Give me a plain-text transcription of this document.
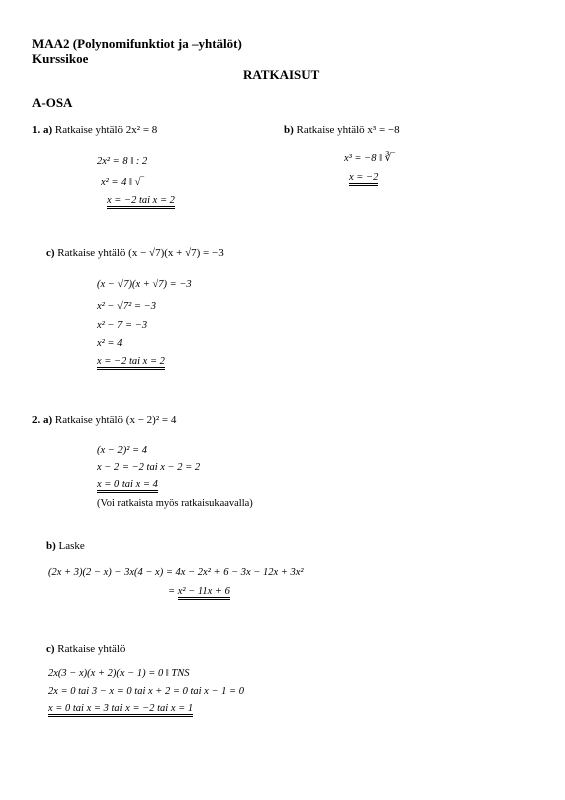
MAA2 (Polynomifunktiot ja –yhtälöt)
Kurssikoe
RATKAISUT
A-OSA
1. a) Ratkaise yhtälö 2x² = 8	b) Ratkaise yhtälö x³ = −8
2x² = 8 ‖ : 2
x² = 4 ‖ √‾
x = −2 tai x = 2
x³ = −8 ‖ ∛‾
x = −2
c) Ratkaise yhtälö (x − √7)(x + √7) = −3
(x − √7)(x + √7) = −3
x² − √7² = −3
x² − 7 = −3
x² = 4
x = −2 tai x = 2
2. a) Ratkaise yhtälö (x − 2)² = 4
(x − 2)² = 4
x − 2 = −2 tai x − 2 = 2
x = 0 tai x = 4
(Voi ratkaista myös ratkaisukaavalla)
b) Laske
(2x + 3)(2 − x) − 3x(4 − x) = 4x − 2x² + 6 − 3x − 12x + 3x²
= x² − 11x + 6
c) Ratkaise yhtälö
2x(3 − x)(x + 2)(x − 1) = 0 ‖ TNS
2x = 0 tai 3 − x = 0 tai x + 2 = 0 tai x − 1 = 0
x = 0 tai x = 3 tai x = −2 tai x = 1
